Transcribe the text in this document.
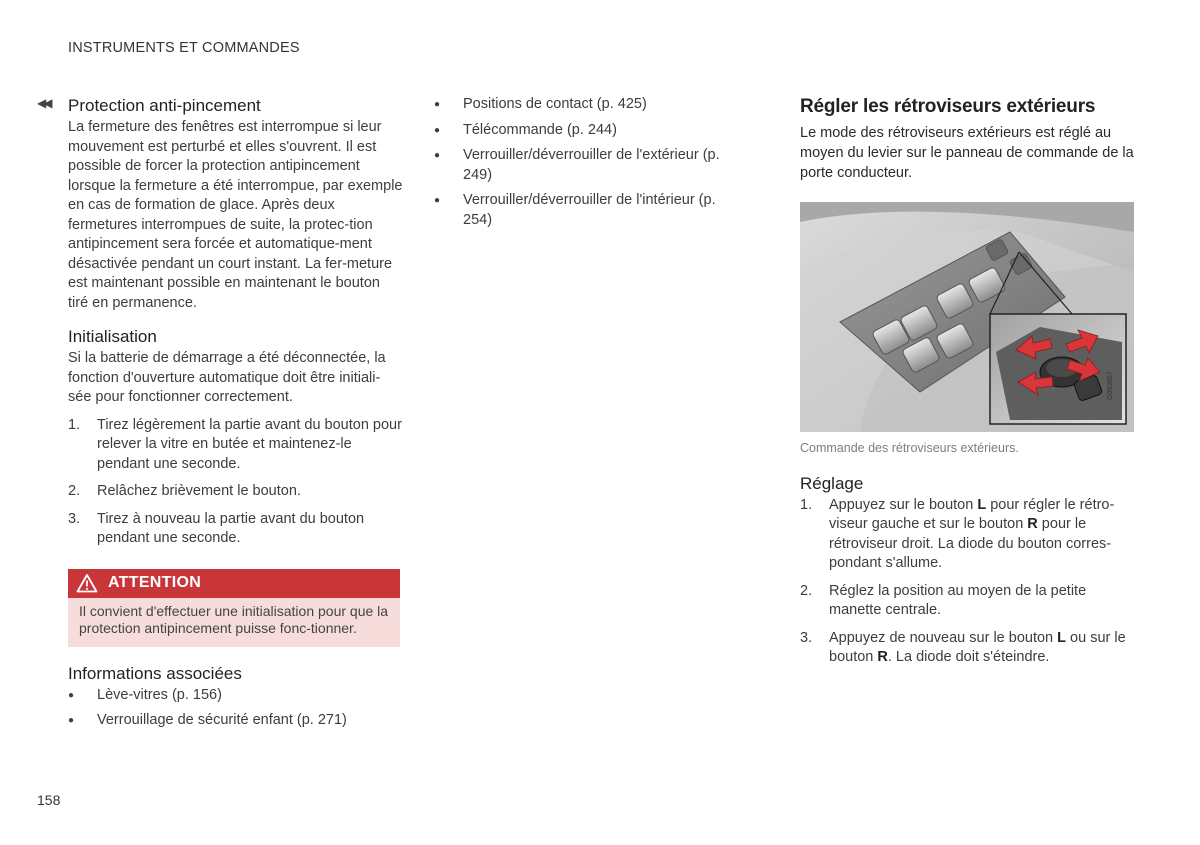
INSTRUMENTS ET COMMANDES
◀◀ Protection anti-pincement

La fermeture des fenêtres est interrompue si leur mouvement est perturbé et elles s'ouvrent. Il est possible de forcer la protection antipincement lorsque la fermeture a été interrompue, par exemple en cas de formation de glace. Après deux fermetures interrompues de suite, la protec-tion antipincement sera forcée et automatique-ment désactivée pendant un court instant. La fer-meture est maintenant possible en maintenant le bouton tiré en permanence.

Initialisation

Si la batterie de démarrage a été déconnectée, la fonction d'ouverture automatique doit être initiali-sée pour fonctionner correctement.

1.	Tirez légèrement la partie avant du bouton pour relever la vitre en butée et maintenez-le pendant une seconde.
2.	Relâchez brièvement le bouton.
3.	Tirez à nouveau la partie avant du bouton pendant une seconde.
ATTENTION
Il convient d'effectuer une initialisation pour que la protection antipincement puisse fonc-tionner.
Informations associées
●	Lève-vitres (p. 156)
●	Verrouillage de sécurité enfant (p. 271)
●	Positions de contact (p. 425)
●	Télécommande (p. 244)
●	Verrouiller/déverrouiller de l'extérieur (p. 249)
●	Verrouiller/déverrouiller de l'intérieur (p. 254)
Régler les rétroviseurs extérieurs

Le mode des rétroviseurs extérieurs est réglé au moyen du levier sur le panneau de commande de la porte conducteur.

G053657
Commande des rétroviseurs extérieurs.
Réglage
1.	Appuyez sur le bouton L pour régler le rétro-viseur gauche et sur le bouton R pour le rétroviseur droit. La diode du bouton corres-pondant s'allume.
2.	Réglez la position au moyen de la petite manette centrale.
3.	Appuyez de nouveau sur le bouton L ou sur le bouton R. La diode doit s'éteindre.
158
